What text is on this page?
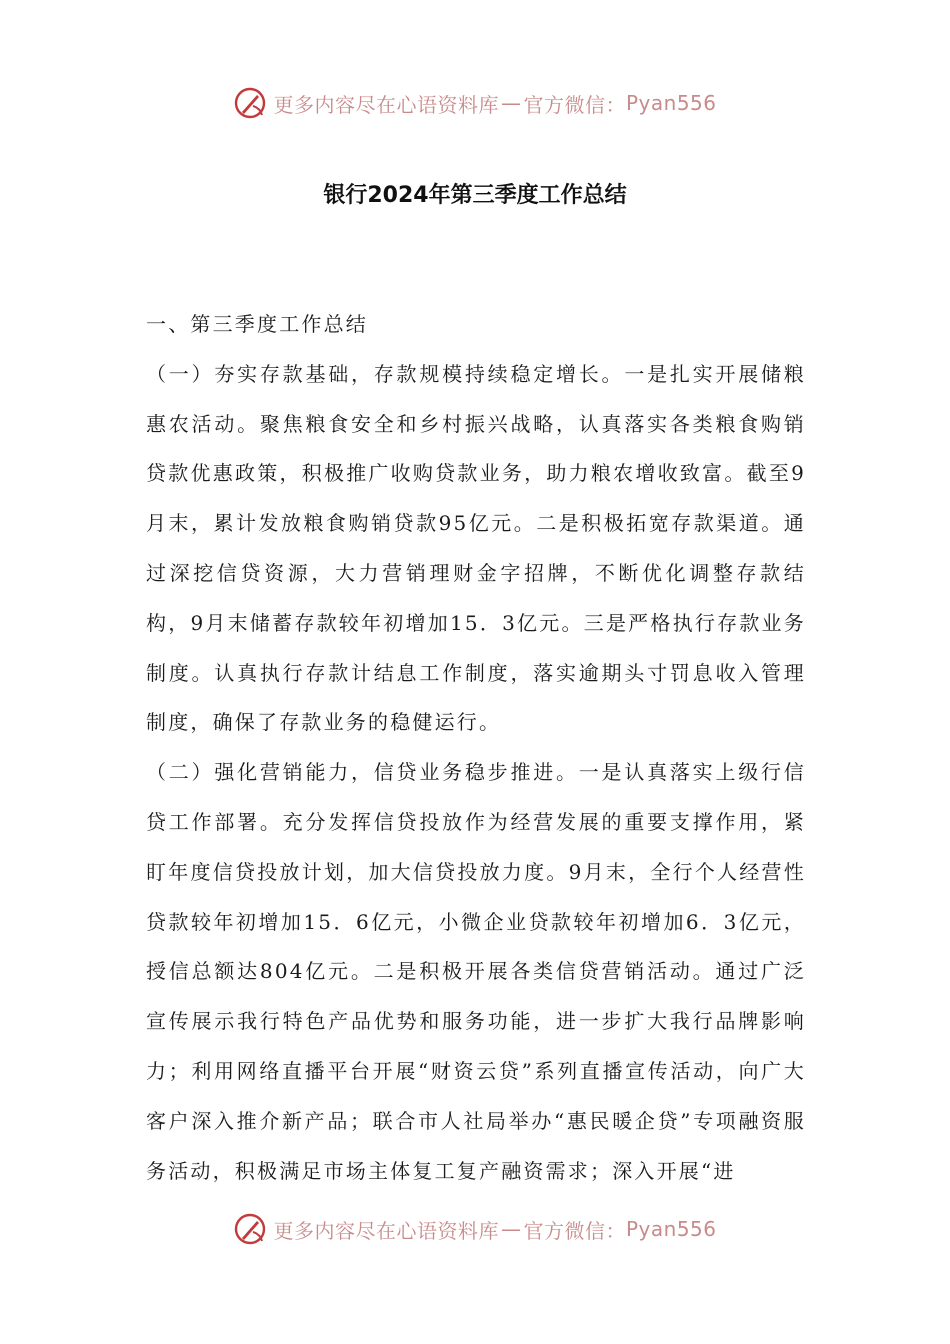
更多内容尽在心语资料库 — 官方微信： Pyan556
银行2024年第三季度工作总结

一、第三季度工作总结

（一）夯实存款基础，存款规模持续稳定增长。一是扎实开展储粮惠农活动。聚焦粮食安全和乡村振兴战略，认真落实各类粮食购销贷款优惠政策，积极推广收购贷款业务，助力粮农增收致富。截至9月末，累计发放粮食购销贷款95亿元。二是积极拓宽存款渠道。通过深挖信贷资源，大力营销理财金字招牌，不断优化调整存款结构，9月末储蓄存款较年初增加15．3亿元。三是严格执行存款业务制度。认真执行存款计结息工作制度，落实逾期头寸罚息收入管理制度，确保了存款业务的稳健运行。

（二）强化营销能力，信贷业务稳步推进。一是认真落实上级行信贷工作部署。充分发挥信贷投放作为经营发展的重要支撑作用，紧盯年度信贷投放计划，加大信贷投放力度。9月末，全行个人经营性贷款较年初增加15．6亿元，小微企业贷款较年初增加6．3亿元，授信总额达804亿元。二是积极开展各类信贷营销活动。通过广泛宣传展示我行特色产品优势和服务功能，进一步扩大我行品牌影响力；利用网络直播平台开展“财资云贷”系列直播宣传活动，向广大客户深入推介新产品；联合市人社局举办“惠民暖企贷”专项融资服务活动，积极满足市场主体复工复产融资需求；深入开展“进

更多内容尽在心语资料库 — 官方微信： Pyan556
